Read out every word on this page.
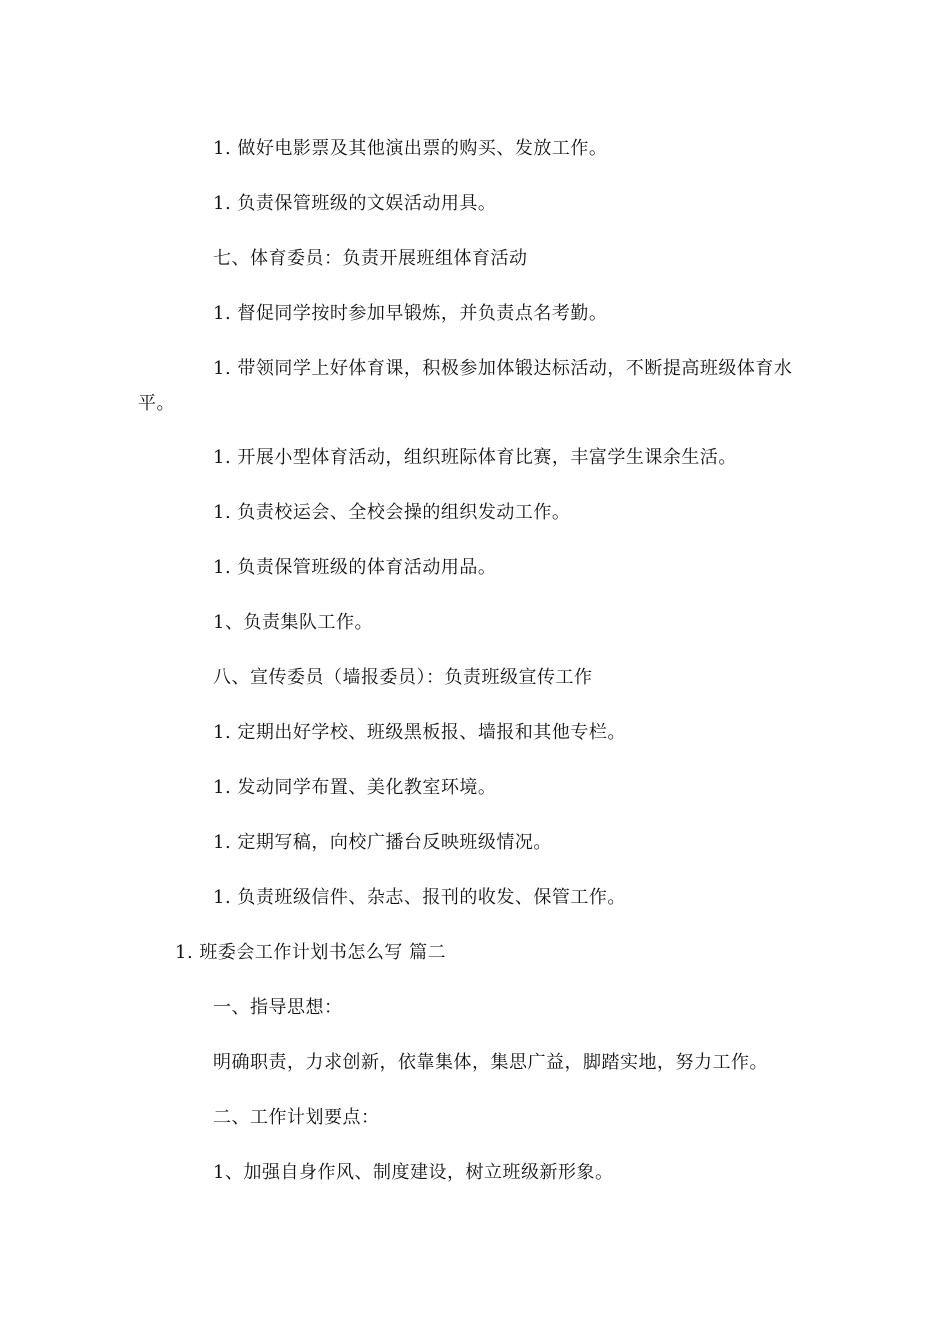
1. 做好电影票及其他演出票的购买、发放工作。
1. 负责保管班级的文娱活动用具。
七、体育委员：负责开展班组体育活动
1. 督促同学按时参加早锻炼，并负责点名考勤。
1. 带领同学上好体育课，积极参加体锻达标活动，不断提高班级体育水
平。
1. 开展小型体育活动，组织班际体育比赛，丰富学生课余生活。
1. 负责校运会、全校会操的组织发动工作。
1. 负责保管班级的体育活动用品。
1、负责集队工作。
八、宣传委员（墙报委员）：负责班级宣传工作
1. 定期出好学校、班级黑板报、墙报和其他专栏。
1. 发动同学布置、美化教室环境。
1. 定期写稿，向校广播台反映班级情况。
1. 负责班级信件、杂志、报刊的收发、保管工作。
1. 班委会工作计划书怎么写 篇二
一、指导思想：
明确职责，力求创新，依靠集体，集思广益，脚踏实地，努力工作。
二、工作计划要点：
1、加强自身作风、制度建设，树立班级新形象。
